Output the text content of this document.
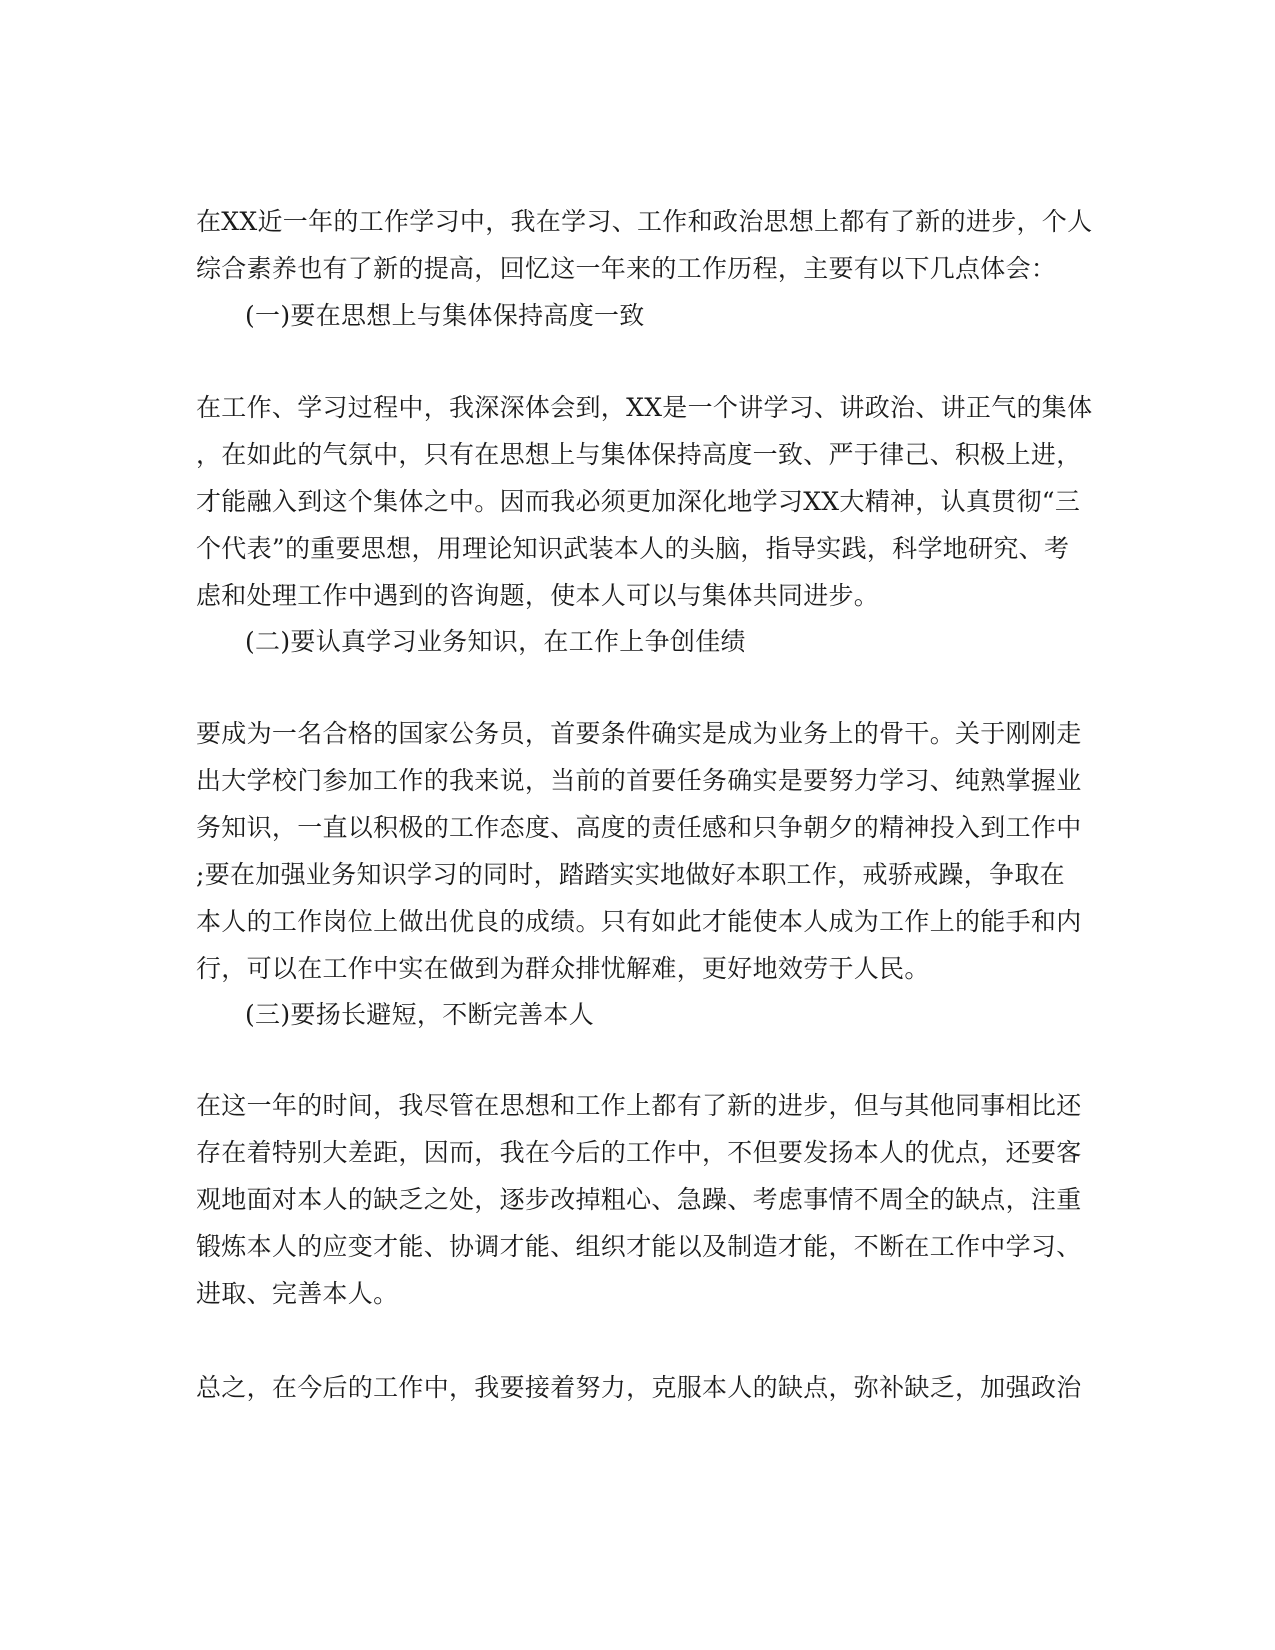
在XX近一年的工作学习中，我在学习、工作和政治思想上都有了新的进步，个人
综合素养也有了新的提高，回忆这一年来的工作历程，主要有以下几点体会：
(一)要在思想上与集体保持高度一致
在工作、学习过程中，我深深体会到，XX是一个讲学习、讲政治、讲正气的集体
，在如此的气氛中，只有在思想上与集体保持高度一致、严于律己、积极上进，
才能融入到这个集体之中。因而我必须更加深化地学习XX大精神，认真贯彻“三
个代表”的重要思想，用理论知识武装本人的头脑，指导实践，科学地研究、考
虑和处理工作中遇到的咨询题，使本人可以与集体共同进步。
(二)要认真学习业务知识，在工作上争创佳绩
要成为一名合格的国家公务员，首要条件确实是成为业务上的骨干。关于刚刚走
出大学校门参加工作的我来说，当前的首要任务确实是要努力学习、纯熟掌握业
务知识，一直以积极的工作态度、高度的责任感和只争朝夕的精神投入到工作中
;要在加强业务知识学习的同时，踏踏实实地做好本职工作，戒骄戒躁，争取在
本人的工作岗位上做出优良的成绩。只有如此才能使本人成为工作上的能手和内
行，可以在工作中实在做到为群众排忧解难，更好地效劳于人民。
(三)要扬长避短，不断完善本人
在这一年的时间，我尽管在思想和工作上都有了新的进步，但与其他同事相比还
存在着特别大差距，因而，我在今后的工作中，不但要发扬本人的优点，还要客
观地面对本人的缺乏之处，逐步改掉粗心、急躁、考虑事情不周全的缺点，注重
锻炼本人的应变才能、协调才能、组织才能以及制造才能，不断在工作中学习、
进取、完善本人。
总之，在今后的工作中，我要接着努力，克服本人的缺点，弥补缺乏，加强政治
